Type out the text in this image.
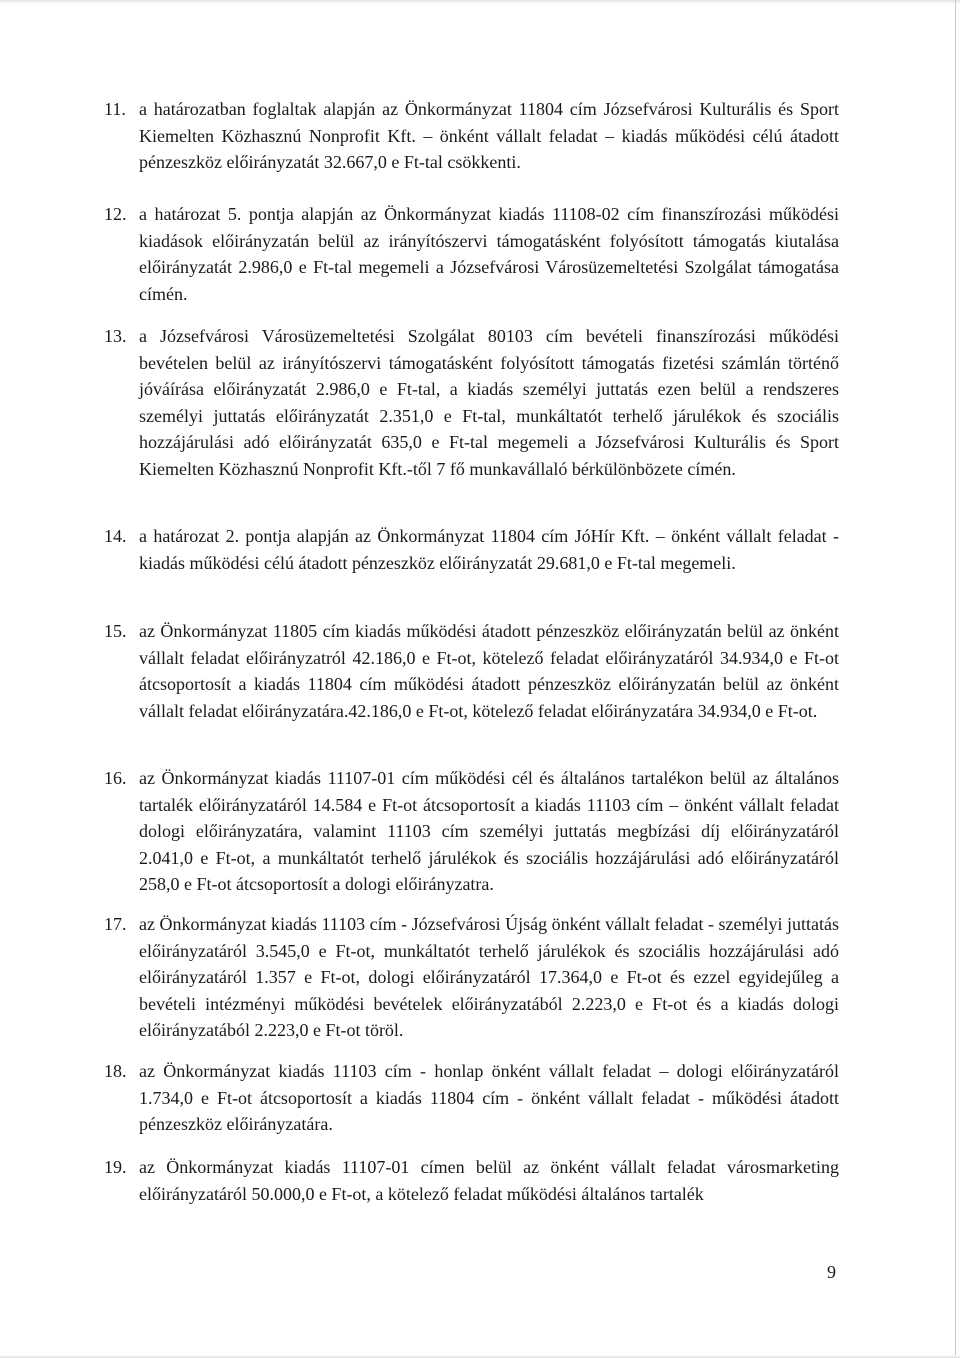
11. a határozatban foglaltak alapján az Önkormányzat 11804 cím Józsefvárosi Kulturális és Sport Kiemelten Közhasznú Nonprofit Kft. – önként vállalt feladat – kiadás működési célú átadott pénzeszköz előirányzatát 32.667,0 e Ft-tal csökkenti.
12. a határozat 5. pontja alapján az Önkormányzat kiadás 11108-02 cím finanszírozási működési kiadások előirányzatán belül az irányítószervi támogatásként folyósított támogatás kiutalása előirányzatát 2.986,0 e Ft-tal megemeli a Józsefvárosi Városüzemeltetési Szolgálat támogatása címén.
13. a Józsefvárosi Városüzemeltetési Szolgálat 80103 cím bevételi finanszírozási működési bevételen belül az irányítószervi támogatásként folyósított támogatás fizetési számlán történő jóváírása előirányzatát 2.986,0 e Ft-tal, a kiadás személyi juttatás ezen belül a rendszeres személyi juttatás előirányzatát 2.351,0 e Ft-tal, munkáltatót terhelő járulékok és szociális hozzájárulási adó előirányzatát 635,0 e Ft-tal megemeli a Józsefvárosi Kulturális és Sport Kiemelten Közhasznú Nonprofit Kft.-től 7 fő munkavállaló bérkülönbözete címén.
14. a határozat 2. pontja alapján az Önkormányzat 11804 cím JóHír Kft. – önként vállalt feladat - kiadás működési célú átadott pénzeszköz előirányzatát 29.681,0 e Ft-tal megemeli.
15. az Önkormányzat 11805 cím kiadás működési átadott pénzeszköz előirányzatán belül az önként vállalt feladat előirányzatról 42.186,0 e Ft-ot, kötelező feladat előirányzatáról 34.934,0 e Ft-ot átcsoportosít a kiadás 11804 cím működési átadott pénzeszköz előirányzatán belül az önként vállalt feladat előirányzatára.42.186,0 e Ft-ot, kötelező feladat előirányzatára 34.934,0 e Ft-ot.
16. az Önkormányzat kiadás 11107-01 cím működési cél és általános tartalékon belül az általános tartalék előirányzatáról 14.584 e Ft-ot átcsoportosít a kiadás 11103 cím – önként vállalt feladat dologi előirányzatára, valamint 11103 cím személyi juttatás megbízási díj előirányzatáról 2.041,0 e Ft-ot, a munkáltatót terhelő járulékok és szociális hozzájárulási adó előirányzatáról 258,0 e Ft-ot átcsoportosít a dologi előirányzatra.
17. az Önkormányzat kiadás 11103 cím - Józsefvárosi Újság önként vállalt feladat - személyi juttatás előirányzatáról 3.545,0 e Ft-ot, munkáltatót terhelő járulékok és szociális hozzájárulási adó előirányzatáról 1.357 e Ft-ot, dologi előirányzatáról 17.364,0 e Ft-ot és ezzel egyidejűleg a bevételi intézményi működési bevételek előirányzatából 2.223,0 e Ft-ot és a kiadás dologi előirányzatából 2.223,0 e Ft-ot töröl.
18. az Önkormányzat kiadás 11103 cím - honlap önként vállalt feladat – dologi előirányzatáról 1.734,0 e Ft-ot átcsoportosít a kiadás 11804 cím - önként vállalt feladat - működési átadott pénzeszköz előirányzatára.
19. az Önkormányzat kiadás 11107-01 címen belül az önként vállalt feladat városmarketing előirányzatáról 50.000,0 e Ft-ot, a kötelező feladat működési általános tartalék
9
